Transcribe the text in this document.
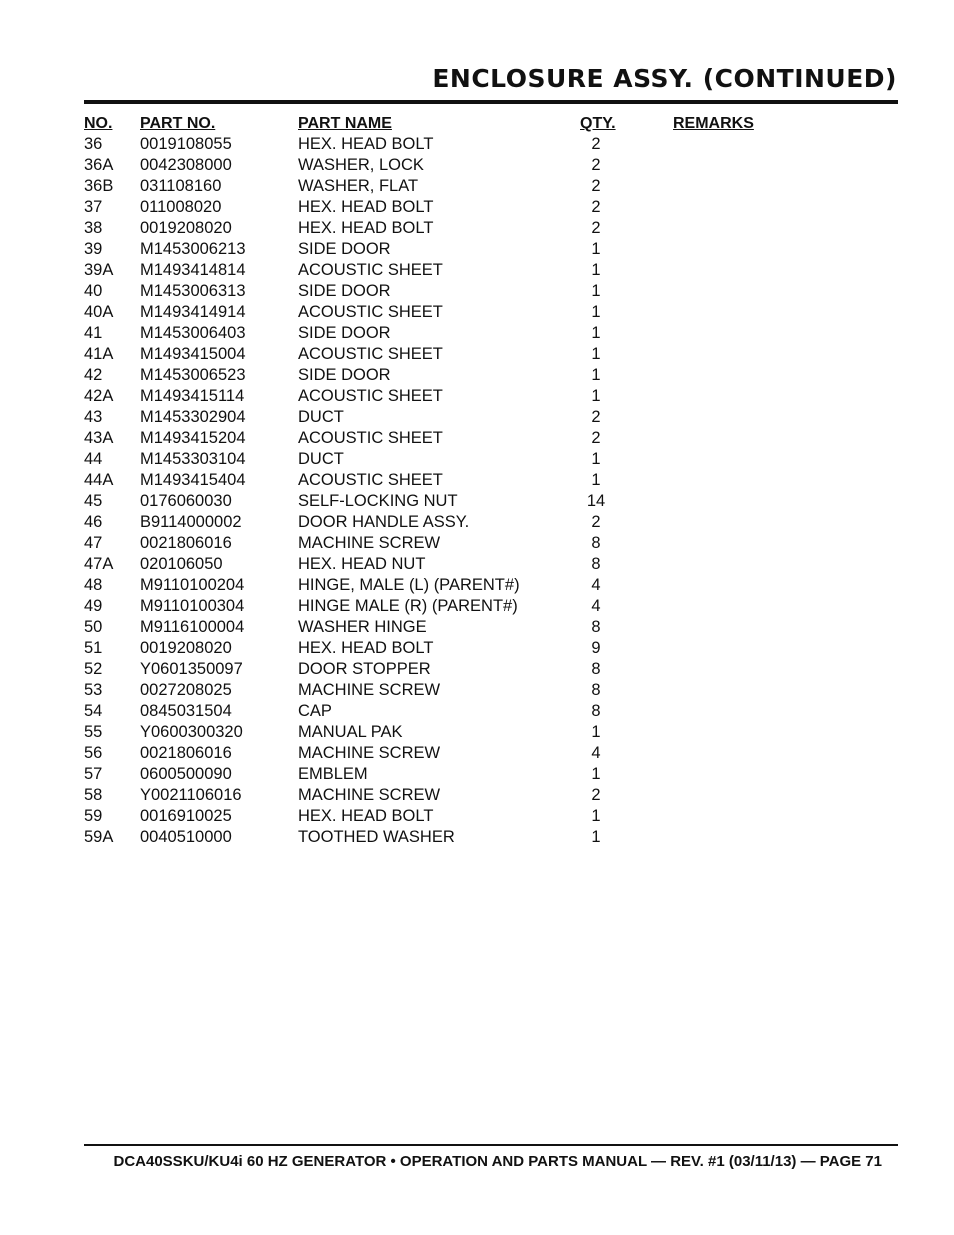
ENCLOSURE ASSY. (CONTINUED)
NO. PART NO.	PART NAME	QTY.	REMARKS
36 0019108055	HEX. HEAD BOLT	2
36A 0042308000	WASHER, LOCK	2
36B 031108160	WASHER, FLAT	2
37 011008020	HEX. HEAD BOLT	2
38 0019208020	HEX. HEAD BOLT	2
39 M1453006213	SIDE DOOR	1
39A M1493414814	ACOUSTIC SHEET	1
40 M1453006313	SIDE DOOR	1
40A M1493414914	ACOUSTIC SHEET	1
41 M1453006403	SIDE DOOR	1
41A M1493415004	ACOUSTIC SHEET	1
42 M1453006523	SIDE DOOR	1
42A M1493415114	ACOUSTIC SHEET	1
43 M1453302904	DUCT	2
43A M1493415204	ACOUSTIC SHEET	2
44 M1453303104	DUCT	1
44A M1493415404	ACOUSTIC SHEET	1
45 0176060030	SELF-LOCKING NUT	14
46 B9114000002	DOOR HANDLE ASSY.	2
47 0021806016	MACHINE SCREW	8
47A 020106050	HEX. HEAD NUT	8
48 M9110100204	HINGE, MALE (L) (PARENT#)	4
49 M9110100304	HINGE MALE (R) (PARENT#)	4
50 M9116100004	WASHER HINGE	8
51 0019208020	HEX. HEAD BOLT	9
52 Y0601350097	DOOR STOPPER	8
53 0027208025	MACHINE SCREW	8
54 0845031504	CAP	8
55 Y0600300320	MANUAL PAK	1
56 0021806016	MACHINE SCREW	4
57 0600500090	EMBLEM	1
58 Y0021106016	MACHINE SCREW	2
59 0016910025	HEX. HEAD BOLT	1
59A 0040510000	TOOTHED WASHER	1
DCA40SSKU/KU4i 60 HZ GENERATOR • OPERATION AND PARTS MANUAL — REV. #1 (03/11/13) — PAGE 71
